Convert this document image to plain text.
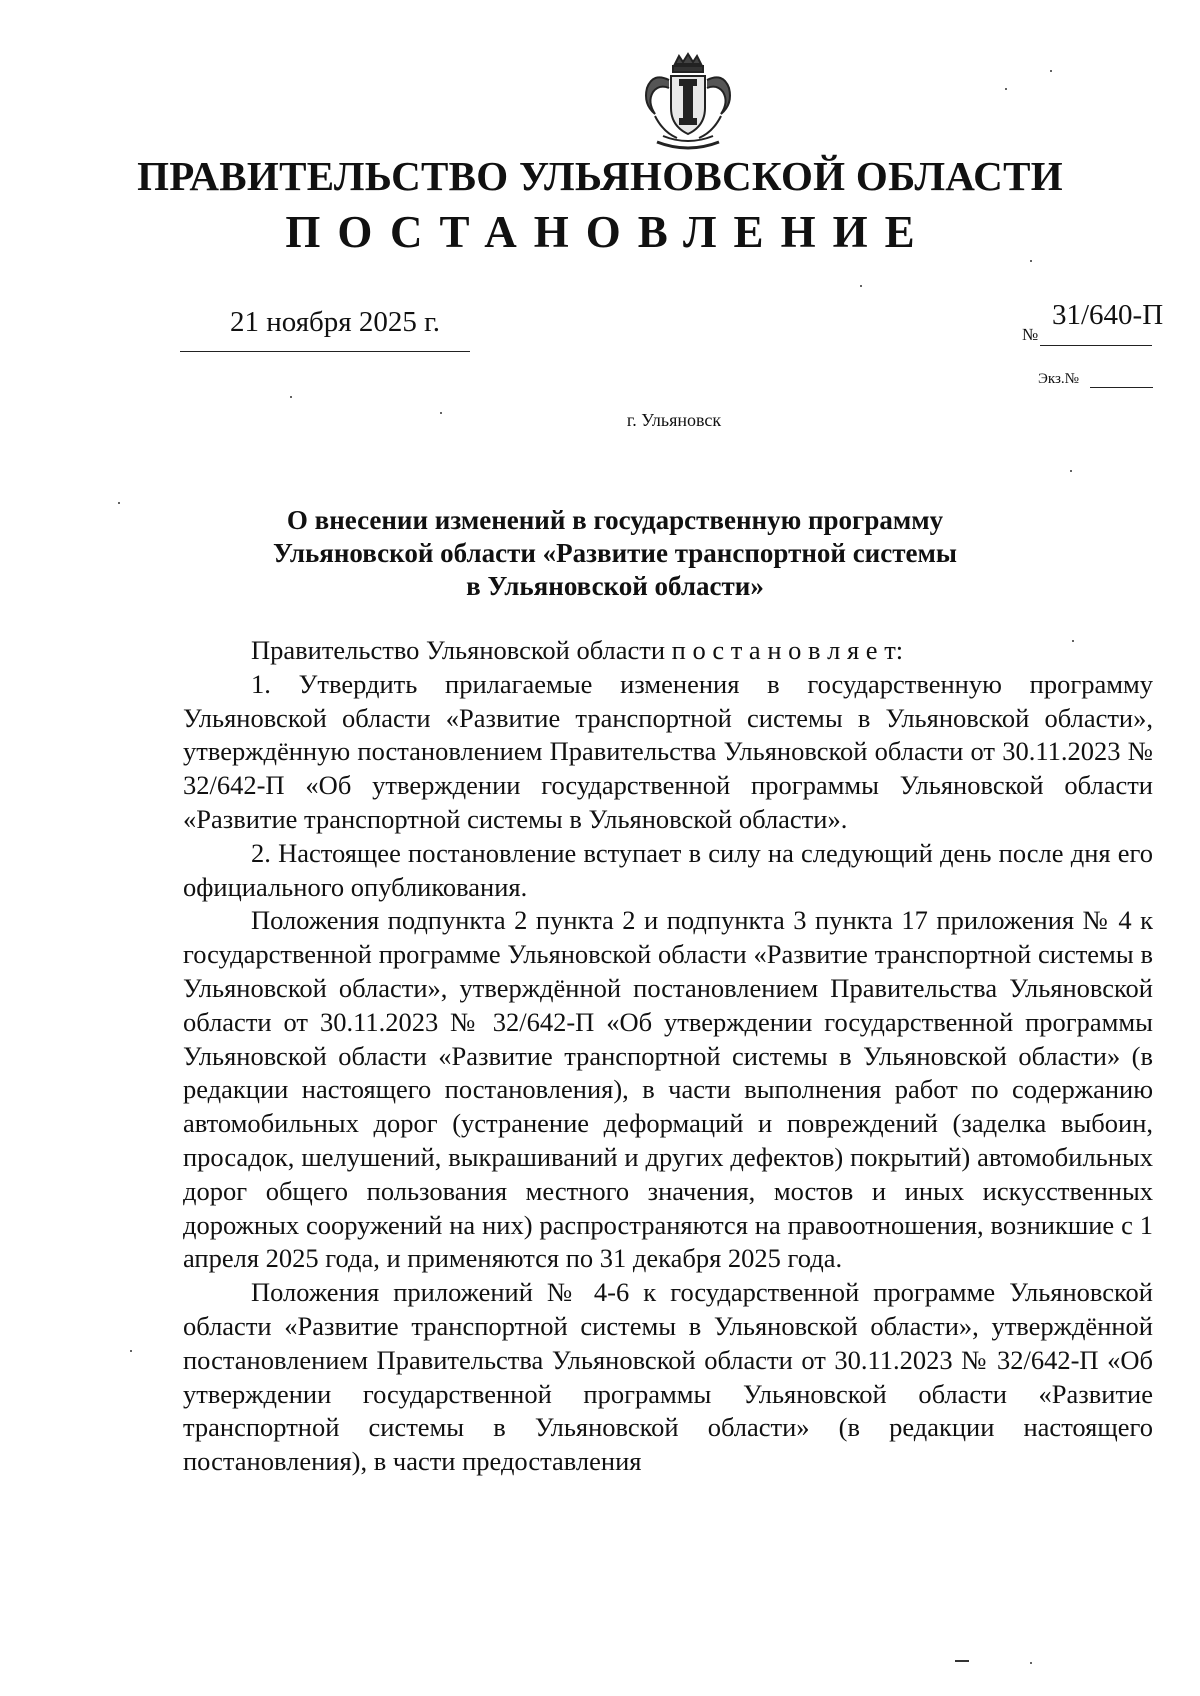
ПРАВИТЕЛЬСТВО УЛЬЯНОВСКОЙ ОБЛАСТИ
ПОСТАНОВЛЕНИЕ
21 ноября 2025 г.	№
31/640-П
Экз.№
г. Ульяновск
О внесении изменений в государственную программу
Ульяновской области «Развитие транспортной системы
в Ульяновской области»

Правительство Ульяновской области п о с т а н о в л я е т:

1. Утвердить прилагаемые изменения в государственную программу Ульяновской области «Развитие транспортной системы в Ульяновской области», утверждённую постановлением Правительства Ульяновской области от 30.11.2023 № 32/642-П «Об утверждении государственной программы Ульяновской области «Развитие транспортной системы в Ульяновской области».

2. Настоящее постановление вступает в силу на следующий день после дня его официального опубликования.

Положения подпункта 2 пункта 2 и подпункта 3 пункта 17 приложения № 4 к государственной программе Ульяновской области «Развитие транспортной системы в Ульяновской области», утверждённой постановлением Правительства Ульяновской области от 30.11.2023 № 32/642-П «Об утверждении государственной программы Ульяновской области «Развитие транспортной системы в Ульяновской области» (в редакции настоящего постановления), в части выполнения работ по содержанию автомобильных дорог (устранение деформаций и повреждений (заделка выбоин, просадок, шелушений, выкрашиваний и других дефектов) покрытий) автомобильных дорог общего пользования местного значения, мостов и иных искусственных дорожных сооружений на них) распространяются на правоотношения, возникшие с 1 апреля 2025 года, и применяются по 31 декабря 2025 года.

Положения приложений № 4-6 к государственной программе Ульяновской области «Развитие транспортной системы в Ульяновской области», утверждённой постановлением Правительства Ульяновской области от 30.11.2023 № 32/642-П «Об утверждении государственной программы Ульяновской области «Развитие транспортной системы в Ульяновской области» (в редакции настоящего постановления), в части предоставления
